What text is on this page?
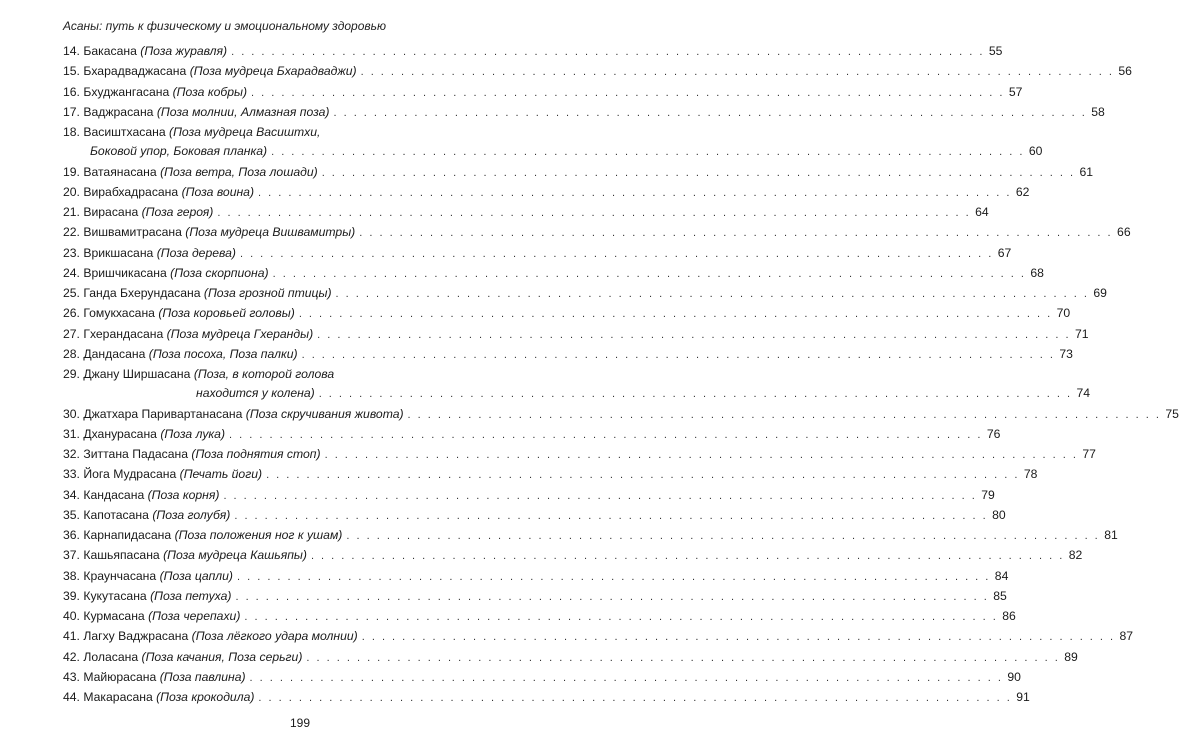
Асаны: путь к физическому и эмоциональному здоровью
14. Бакасана (Поза журавля) . . .	55
15. Бхарадваджасана (Поза мудреца Бхарадваджи) . . .	56
16. Бхуджангасана (Поза кобры) . . .	57
17. Ваджрасана (Поза молнии, Алмазная поза) . . .	58
18. Васиштхасана (Поза мудреца Васиштхи,
Боковой упор, Боковая планка) . . .	60
19. Ватаянасана (Поза ветра, Поза лошади) . . .	61
20. Вирабхадрасана (Поза воина) . . .	62
21. Вирасана (Поза героя) . . .	64
22. Вишвамитрасана (Поза мудреца Вишвамитры) . . .	66
23. Врикшасана (Поза дерева) . . .	67
24. Вришчикасана (Поза скорпиона) . . .	68
25. Ганда Бхерундасана (Поза грозной птицы) . . .	69
26. Гомукхасана (Поза коровьей головы) . . .	70
27. Гхерандасана (Поза мудреца Гхеранды) . . .	71
28. Дандасана (Поза посоха, Поза палки) . . .	73
29. Джану Ширшасана (Поза, в которой голова
находится у колена) . . .	74
30. Джатхара Паривартанасана (Поза скручивания живота) . . .	75
31. Дханурасана (Поза лука) . . .	76
32. Зиттана Падасана (Поза поднятия стоп) . . .	77
33. Йога Мудрасана (Печать йоги) . . .	78
34. Кандасана (Поза корня) . . .	79
35. Капотасана (Поза голубя) . . .	80
36. Карнапидасана (Поза положения ног к ушам) . . .	81
37. Кашьяпасана (Поза мудреца Кашьяпы) . . .	82
38. Краунчасана (Поза цапли) . . .	84
39. Кукутасана (Поза петуха) . . .	85
40. Курмасана (Поза черепахи) . . .	86
41. Лагху Ваджрасана (Поза лёгкого удара молнии) . . .	87
42. Лоласана (Поза качания, Поза серьги) . . .	89
43. Майюрасана (Поза павлина) . . .	90
44. Макарасана (Поза крокодила) . . .	91
199
